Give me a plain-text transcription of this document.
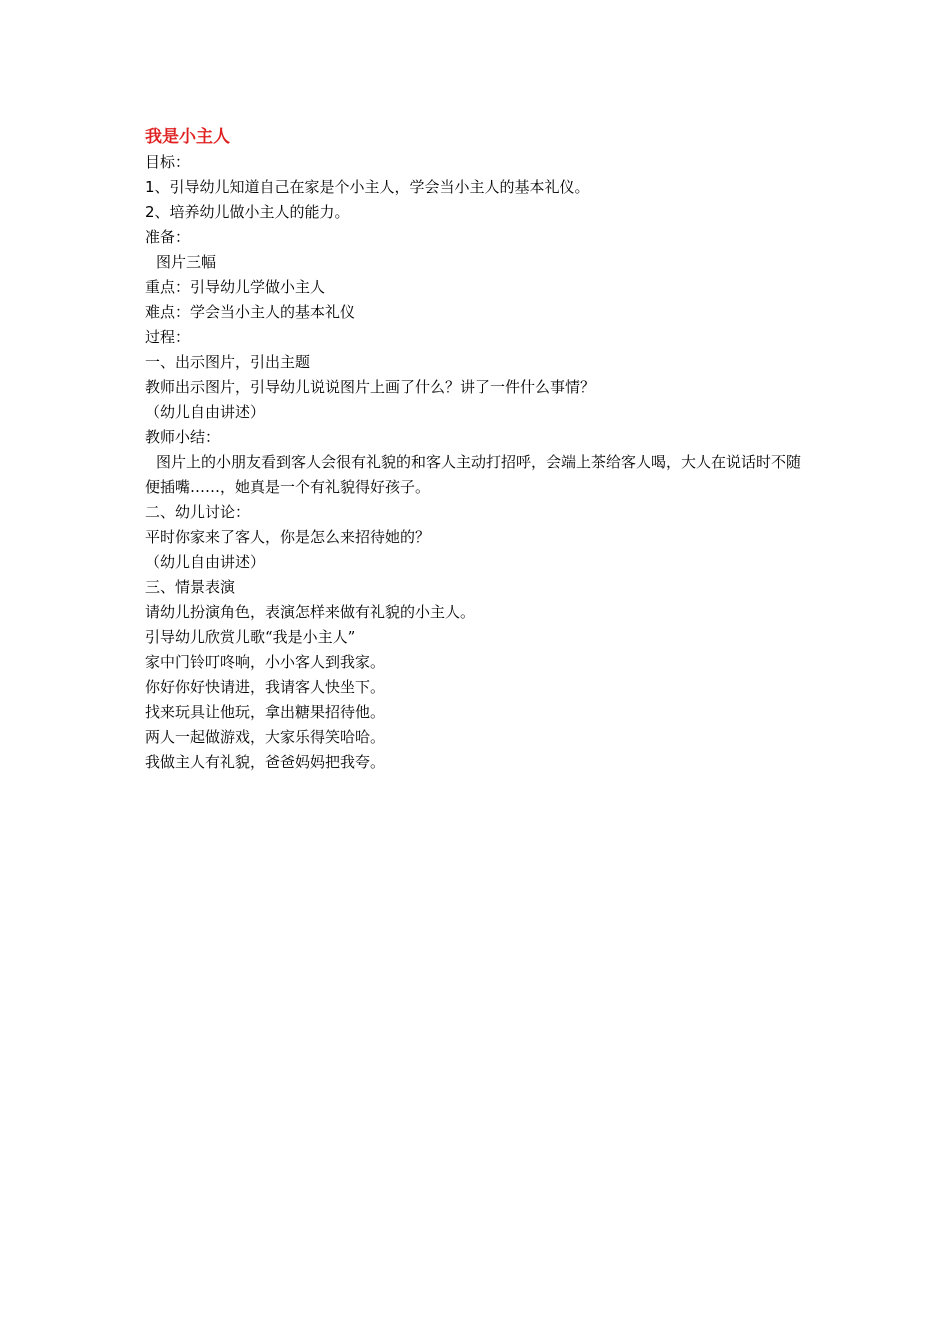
我是小主人
目标：
1、引导幼儿知道自己在家是个小主人，学会当小主人的基本礼仪。
2、培养幼儿做小主人的能力。
准备：
图片三幅
重点：引导幼儿学做小主人
难点：学会当小主人的基本礼仪
过程：
一、出示图片，引出主题
教师出示图片，引导幼儿说说图片上画了什么？讲了一件什么事情？
（幼儿自由讲述）
教师小结：
图片上的小朋友看到客人会很有礼貌的和客人主动打招呼，会端上茶给客人喝，大人在说话时不随便插嘴……，她真是一个有礼貌得好孩子。
二、幼儿讨论：
平时你家来了客人，你是怎么来招待她的？
（幼儿自由讲述）
三、情景表演
请幼儿扮演角色，表演怎样来做有礼貌的小主人。
引导幼儿欣赏儿歌“我是小主人”
家中门铃叮咚响，小小客人到我家。
你好你好快请进，我请客人快坐下。
找来玩具让他玩，拿出糖果招待他。
两人一起做游戏，大家乐得笑哈哈。
我做主人有礼貌，爸爸妈妈把我夸。
